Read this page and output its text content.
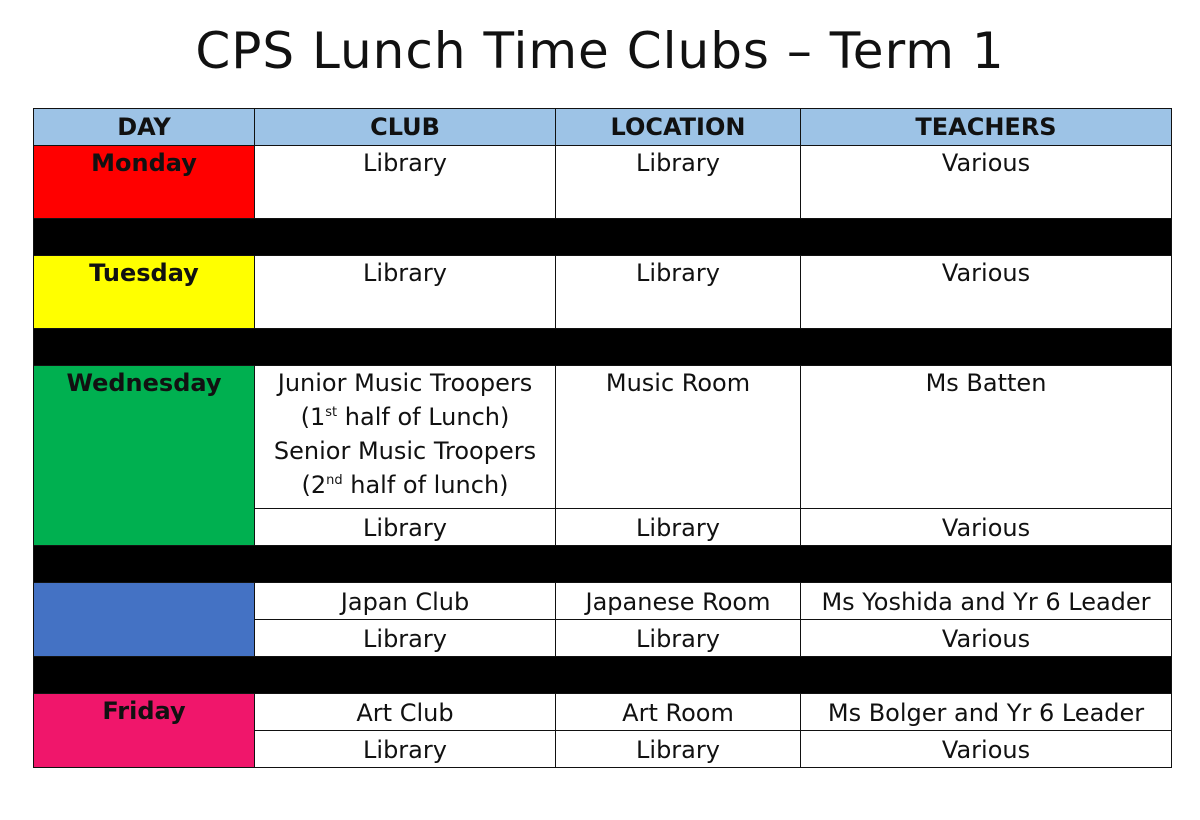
CPS Lunch Time Clubs – Term 1
DAY	CLUB	LOCATION	TEACHERS
Monday	Library	Library	Various

Tuesday	Library	Library	Various

Wednesday	Junior Music Troopers
(1st half of Lunch)
Senior Music Troopers
(2nd half of lunch)	Music Room	Ms Batten
	Library	Library	Various

	Japan Club	Japanese Room	Ms Yoshida and Yr 6 Leader
	Library	Library	Various

Friday	Art Club	Art Room	Ms Bolger and Yr 6 Leader
	Library	Library	Various
